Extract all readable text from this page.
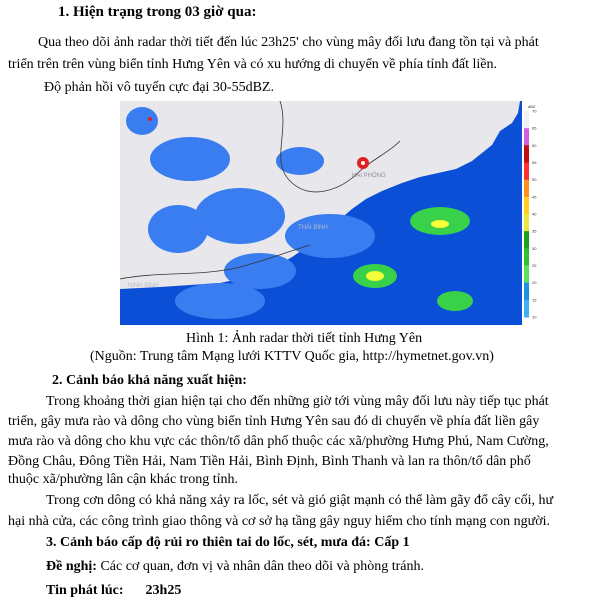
1. Hiện trạng trong 03 giờ qua:
Qua theo dõi ảnh radar thời tiết đến lúc 23h25' cho vùng mây đối lưu đang tồn tại và phát
triển trên trên vùng biển tỉnh Hưng Yên và có xu hướng di chuyển về phía tỉnh đất liền.
Độ phản hồi vô tuyến cực đại 30-55dBZ.
HẢI PHÒNG
THÁI BÌNH
NINH BÌNH
dBZ
70
65
60
55
50
45
40
35
30
25
20
15
10
Hình 1: Ảnh radar thời tiết tỉnh Hưng Yên
(Nguồn: Trung tâm Mạng lưới KTTV Quốc gia, http://hymetnet.gov.vn)
2. Cảnh báo khả năng xuất hiện:
Trong khoảng thời gian hiện tại cho đến những giờ tới vùng mây đối lưu này tiếp tục phát
triển, gây mưa rào và dông cho vùng biển tỉnh Hưng Yên sau đó di chuyển về phía đất liền gây
mưa rào và dông cho khu vực các thôn/tổ dân phố thuộc các xã/phường Hưng Phú, Nam Cường,
Đồng Châu, Đông Tiền Hải, Nam Tiền Hải, Bình Định, Bình Thanh và lan ra thôn/tổ dân phố
thuộc xã/phường lân cận khác trong tỉnh.
Trong cơn dông có khả năng xảy ra lốc, sét và gió giật mạnh có thể làm gãy đổ cây cối, hư
hại nhà cửa, các công trình giao thông và cơ sở hạ tầng gây nguy hiểm cho tính mạng con người.
3. Cảnh báo cấp độ rủi ro thiên tai do lốc, sét, mưa đá: Cấp 1
Đề nghị: Các cơ quan, đơn vị và nhân dân theo dõi và phòng tránh.
Tin phát lúc: 23h25
